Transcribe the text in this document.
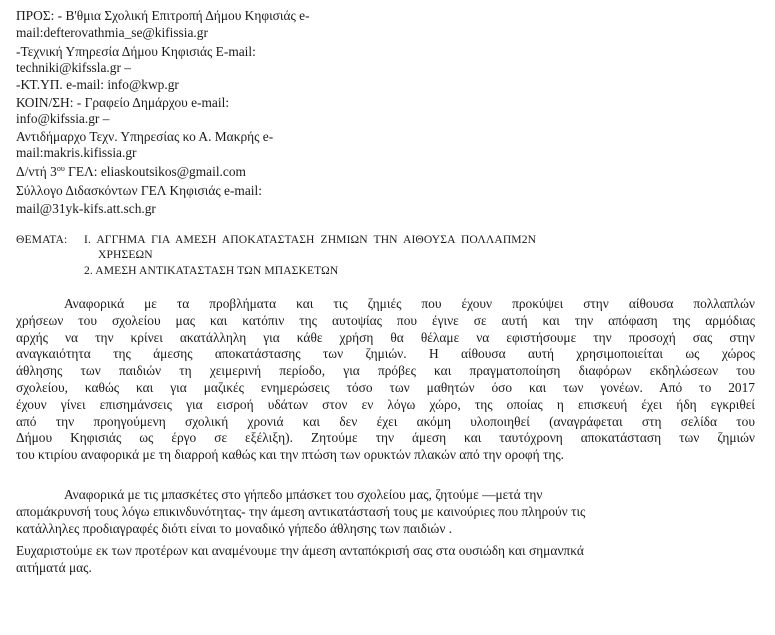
ΠΡΟΣ: - B'θμια Σχολική Επιτροπή Δήμου Κηφισιάς e-
mail:defterovathmia_se@kifissia.gr
-Τεχνική Υπηρεσία Δήμου Κηφισιάς E-mail:
techniki@kifssla.gr –
-ΚΤ.ΥΠ. e-mail: info@kwp.gr
ΚΟΙΝ/ΣΗ: - Γραφείο Δημάρχου e-mail:
info@kifssia.gr –
Αντιδήμαρχο Τεχν. Υπηρεσίας κο Α. Μακρής e-
mail:makris.kifissia.gr
Δ/ντή $3^{o\upsilon}$ ΓΕΛ: eliaskoutsikos@gmail.com
Σύλλογο Διδασκόντων ΓΕΛ Κηφισιάς e-mail:
mail@31yk-kifs.att.sch.gr
ΘΕΜΑΤΑ: Ι. ΑΓΓΗΜΑ ΓΙΑ ΑΜΕΣΗ ΑΠΟΚΑΤΑΣΤΑΣΗ ΖΗΜΙΩΝ ΤΗΝ ΑΙΘΟΥΣΑ ΠΟΛΛΑΠΜ2Ν
ΧΡΗΣΕΩΝ
2. ΑΜΕΣΗ ΑΝΤΙΚΑΤΑΣΤΑΣΗ ΤΩΝ ΜΠΑΣΚΕΤΩΝ
Αναφορικά με τα προβλήματα και τις ζημιές που έχουν προκύψει στην αίθουσα πολλαπλών
χρήσεων του σχολείου μας και κατόπιν της αυτοψίας που έγινε σε αυτή και την απόφαση της αρμόδιας
αρχής να την κρίνει ακατάλληλη για κάθε χρήση θα θέλαμε να εφιστήσουμε την προσοχή σας στην
αναγκαιότητα της άμεσης αποκατάστασης των ζημιών. Η αίθουσα αυτή χρησιμοποιείται ως χώρος
άθλησης των παιδιών τη χειμερινή περίοδο, για πρόβες και πραγματοποίηση διαφόρων εκδηλώσεων του
σχολείου, καθώς και για μαζικές ενημερώσεις τόσο των μαθητών όσο και των γονέων. Από το 2017
έχουν γίνει επισημάνσεις για εισροή υδάτων στον εν λόγω χώρο, της οποίας η επισκευή έχει ήδη εγκριθεί
από την προηγούμενη σχολική χρονιά και δεν έχει ακόμη υλοποιηθεί (αναγράφεται στη σελίδα του
Δήμου Κηφισιάς ως έργο σε εξέλιξη). Ζητούμε την άμεση και ταυτόχρονη αποκατάσταση των ζημιών
του κτιρίου αναφορικά με τη διαρροή καθώς και την πτώση των ορυκτών πλακών από την οροφή της.
Αναφορικά με τις μπασκέτες στο γήπεδο μπάσκετ του σχολείου μας, ζητούμε —μετά την
απομάκρυνσή τους λόγω επικινδυνότητας- την άμεση αντικατάστασή τους με καινούριες που πληρούν τις
κατάλληλες προδιαγραφές διότι είναι το μοναδικό γήπεδο άθλησης των παιδιών .
Ευχαριστούμε εκ των προτέρων και αναμένουμε την άμεση ανταπόκρισή σας στα ουσιώδη και σημανπκά
αιτήματά μας.
